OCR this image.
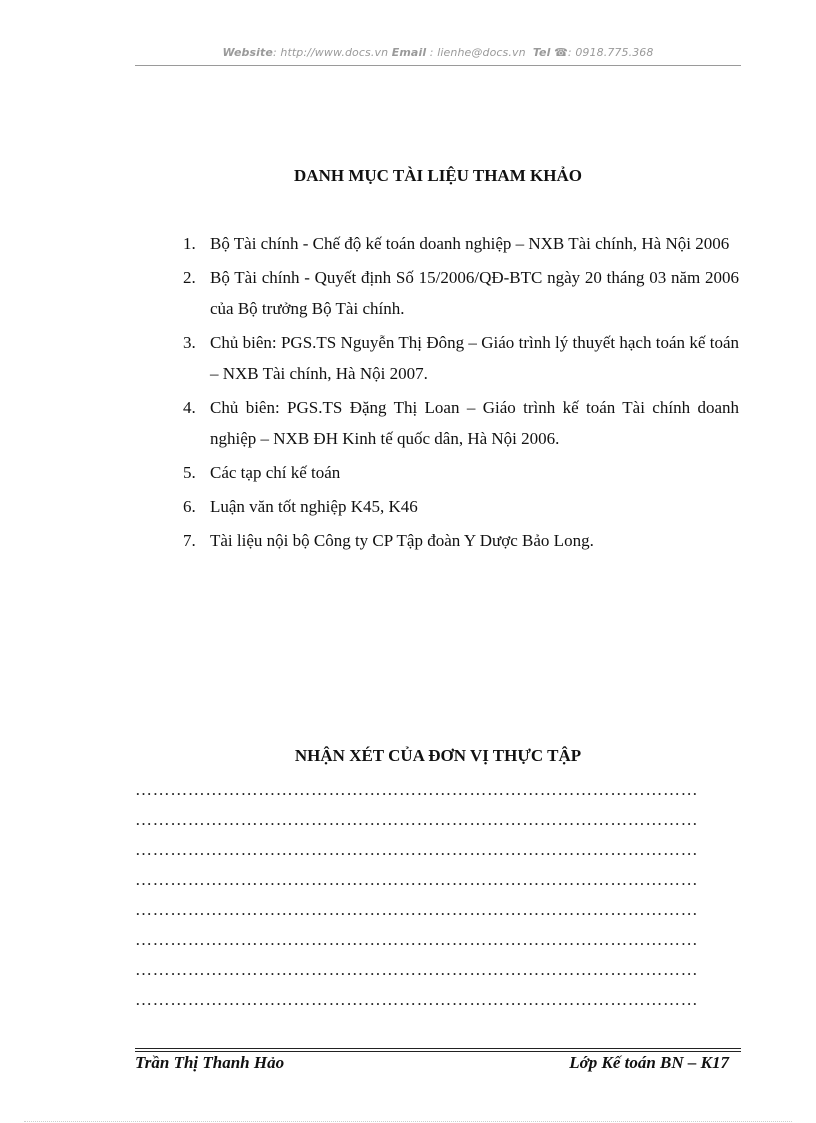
Website: http://www.docs.vn Email : lienhe@docs.vn Tel ☎: 0918.775.368
DANH MỤC TÀI LIỆU THAM KHẢO
1. Bộ Tài chính - Chế độ kế toán doanh nghiệp – NXB Tài chính, Hà Nội 2006
2. Bộ Tài chính - Quyết định Số 15/2006/QĐ-BTC ngày 20 tháng 03 năm 2006 của Bộ trưởng Bộ Tài chính.
3. Chủ biên: PGS.TS Nguyễn Thị Đông – Giáo trình lý thuyết hạch toán kế toán – NXB Tài chính, Hà Nội 2007.
4. Chủ biên: PGS.TS Đặng Thị Loan – Giáo trình kế toán Tài chính doanh nghiệp – NXB ĐH Kinh tế quốc dân, Hà Nội 2006.
5. Các tạp chí kế toán
6. Luận văn tốt nghiệp K45, K46
7. Tài liệu nội bộ Công ty CP Tập đoàn Y Dược Bảo Long.
NHẬN XÉT CỦA ĐƠN VỊ THỰC TẬP
……………………………………………………………………………………
……………………………………………………………………………………
……………………………………………………………………………………
……………………………………………………………………………………
……………………………………………………………………………………
……………………………………………………………………………………
……………………………………………………………………………………
……………………………………………………………………………………
Trần Thị Thanh Hảo	Lớp Kế toán BN – K17
